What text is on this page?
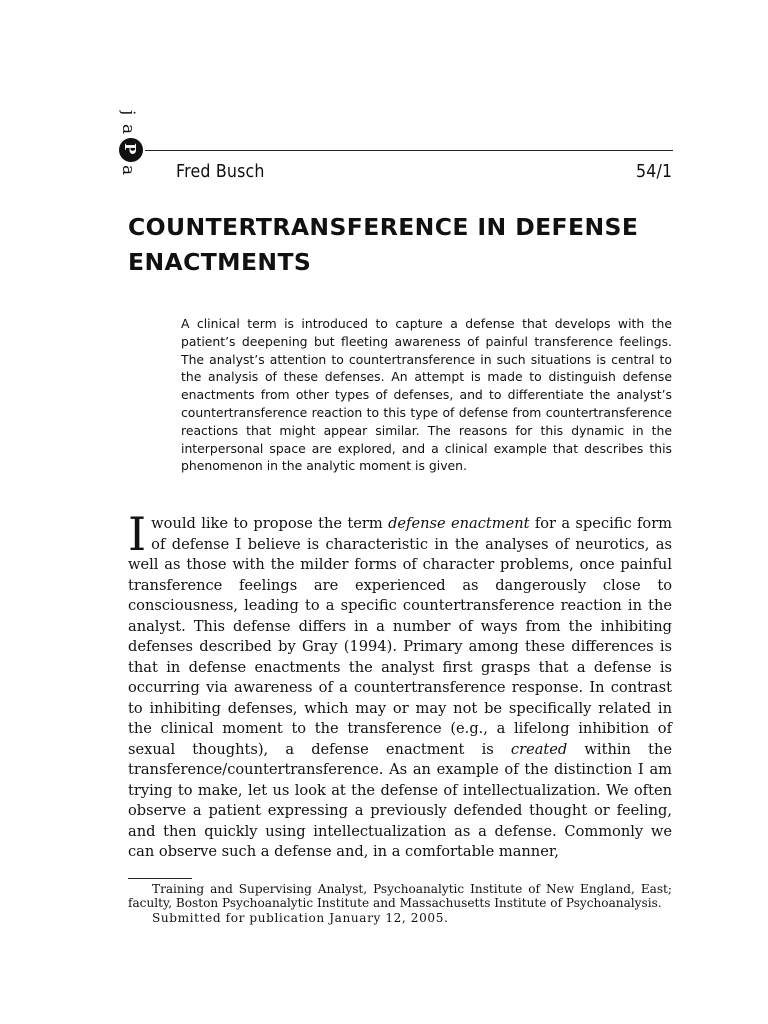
j
a
P
a Fred Busch	54/1
COUNTERTRANSFERENCE IN DEFENSE ENACTMENTS

A clinical term is introduced to capture a defense that develops with the patient’s deepening but fleeting awareness of painful transference feelings. The analyst’s attention to countertransference in such situations is central to the analysis of these defenses. An attempt is made to distinguish defense enactments from other types of defenses, and to differentiate the analyst’s countertransference reaction to this type of defense from countertransference reactions that might appear similar. The reasons for this dynamic in the interpersonal space are explored, and a clinical example that describes this phenomenon in the analytic moment is given.

I would like to propose the term defense enactment for a specific form of defense I believe is characteristic in the analyses of neurotics, as well as those with the milder forms of character problems, once painful transference feelings are experienced as dangerously close to consciousness, leading to a specific countertransference reaction in the analyst. This defense differs in a number of ways from the inhibiting defenses described by Gray (1994). Primary among these differences is that in defense enactments the analyst first grasps that a defense is occurring via awareness of a countertransference response. In contrast to inhibiting defenses, which may or may not be specifically related in the clinical moment to the transference (e.g., a lifelong inhibition of sexual thoughts), a defense enactment is created within the transference/countertransference. As an example of the distinction I am trying to make, let us look at the defense of intellectualization. We often observe a patient expressing a previously defended thought or feeling, and then quickly using intellectualization as a defense. Commonly we can observe such a defense and, in a comfortable manner,

Training and Supervising Analyst, Psychoanalytic Institute of New England, East; faculty, Boston Psychoanalytic Institute and Massachusetts Institute of Psychoanalysis.

Submitted for publication January 12, 2005.
